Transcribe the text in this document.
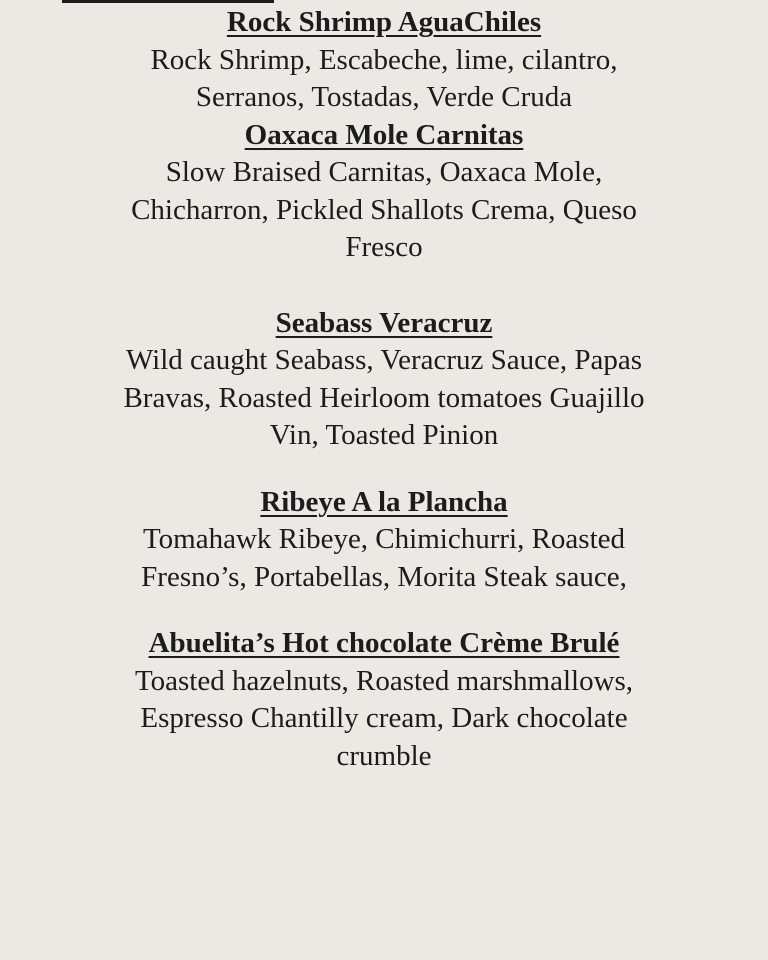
Rock Shrimp AguaChiles
Rock Shrimp, Escabeche, lime, cilantro,
Serranos, Tostadas, Verde Cruda
Oaxaca Mole Carnitas
Slow Braised Carnitas, Oaxaca Mole,
Chicharron, Pickled Shallots Crema, Queso
Fresco
Seabass Veracruz
Wild caught Seabass, Veracruz Sauce, Papas
Bravas, Roasted Heirloom tomatoes Guajillo
Vin, Toasted Pinion
Ribeye A la Plancha
Tomahawk Ribeye, Chimichurri, Roasted
Fresno’s, Portabellas, Morita Steak sauce,
Abuelita’s Hot chocolate Crème Brulé
Toasted hazelnuts, Roasted marshmallows,
Espresso Chantilly cream, Dark chocolate
crumble
